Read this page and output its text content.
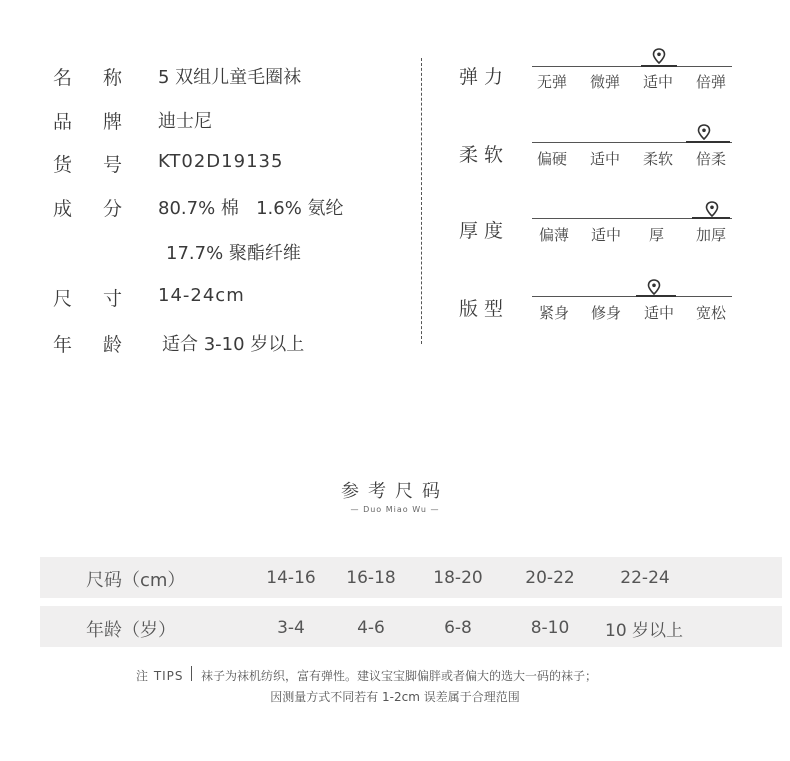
名 称 5 双组儿童毛圈袜
品 牌 迪士尼
货 号 KT02D19135
成 分 80.7% 棉   1.6% 氨纶
17.7% 聚酯纤维
尺 寸 14-24cm
年 龄 适合 3-10 岁以上
弹力 无弹 微弹 适中 倍弹
柔软 偏硬 适中 柔软 倍柔
厚度 偏薄 适中 厚 加厚
版型 紧身 修身 适中 宽松
参考尺码
— Duo Miao Wu —
尺码（cm）	14-16	16-18	18-20	20-22	22-24
年龄（岁）	3-4	4-6	6-8	8-10	10 岁以上
注 TIPS 袜子为袜机纺织，富有弹性。建议宝宝脚偏胖或者偏大的选大一码的袜子；
因测量方式不同若有 1-2cm 误差属于合理范围
